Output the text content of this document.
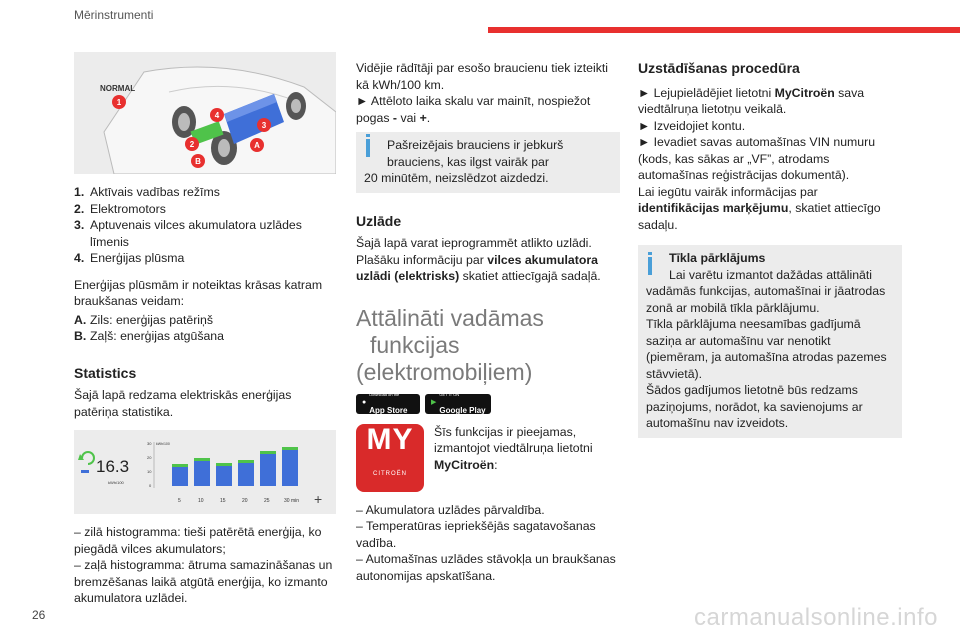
Mērinstrumenti
NORMAL
1
2
3
4
A
B
1. Aktīvais vadības režīms
2. Elektromotors
3. Aptuvenais vilces akumulatora uzlādes līmenis
4. Enerģijas plūsma

Enerģijas plūsmām ir noteiktas krāsas katram braukšanas veidam:

A. Zils: enerģijas patēriņš
B. Zaļš: enerģijas atgūšana
Statistics

Šajā lapā redzama elektriskās enerģijas patēriņa statistika.

16.3
kWh/100
30
20
10
0
kWh/100
5	10	15	20	25	30 min +

– zilā histogramma: tieši patērētā enerģija, ko piegādā vilces akumulators;

– zaļā histogramma: ātruma samazināšanas un bremzēšanas laikā atgūtā enerģija, ko izmanto akumulatora uzlādei.

Vidējie rādītāji par esošo braucienu tiek izteikti kā kWh/100 km.

► Attēloto laika skalu var mainīt, nospiežot pogas - vai +.

Pašreizējais brauciens ir jebkurš
brauciens, kas ilgst vairāk par
20 minūtēm, neizslēdzot aizdedzi.
Uzlāde

Šajā lapā varat ieprogrammēt atlikto uzlādi. Plašāku informāciju par vilces akumulatora uzlādi (elektrisks) skatiet attiecīgajā sadaļā.

Attālināti vadāmas
funkcijas
(elektromobiļiem)
●
Download on the
App Store
▶
GET IT ON
Google Play
MY
CITROËN

Šīs funkcijas ir pieejamas, izmantojot viedtālruņa lietotni MyCitroën:

– Akumulatora uzlādes pārvaldība.

– Temperatūras iepriekšējās sagatavošanas vadība.

– Automašīnas uzlādes stāvokļa un braukšanas autonomijas apskatīšana.

Uzstādīšanas procedūra

► Lejupielādējiet lietotni MyCitroën sava viedtālruņa lietotņu veikalā.

► Izveidojiet kontu.

► Ievadiet savas automašīnas VIN numuru (kods, kas sākas ar „VF”, atrodams automašīnas reģistrācijas dokumentā).

Lai iegūtu vairāk informācijas par identifikācijas marķējumu, skatiet attiecīgo sadaļu.

Tīkla pārklājums
Lai varētu izmantot dažādas attālināti
vadāmās funkcijas, automašīnai ir jāatrodas zonā ar mobilā tīkla pārklājumu.
Tīkla pārklājuma neesamības gadījumā saziņa ar automašīnu var nenotikt (piemēram, ja automašīna atrodas pazemes stāvvietā).
Šādos gadījumos lietotnē būs redzams paziņojums, norādot, ka savienojums ar automašīnu nav izveidots.
26	carmanualsonline.info
